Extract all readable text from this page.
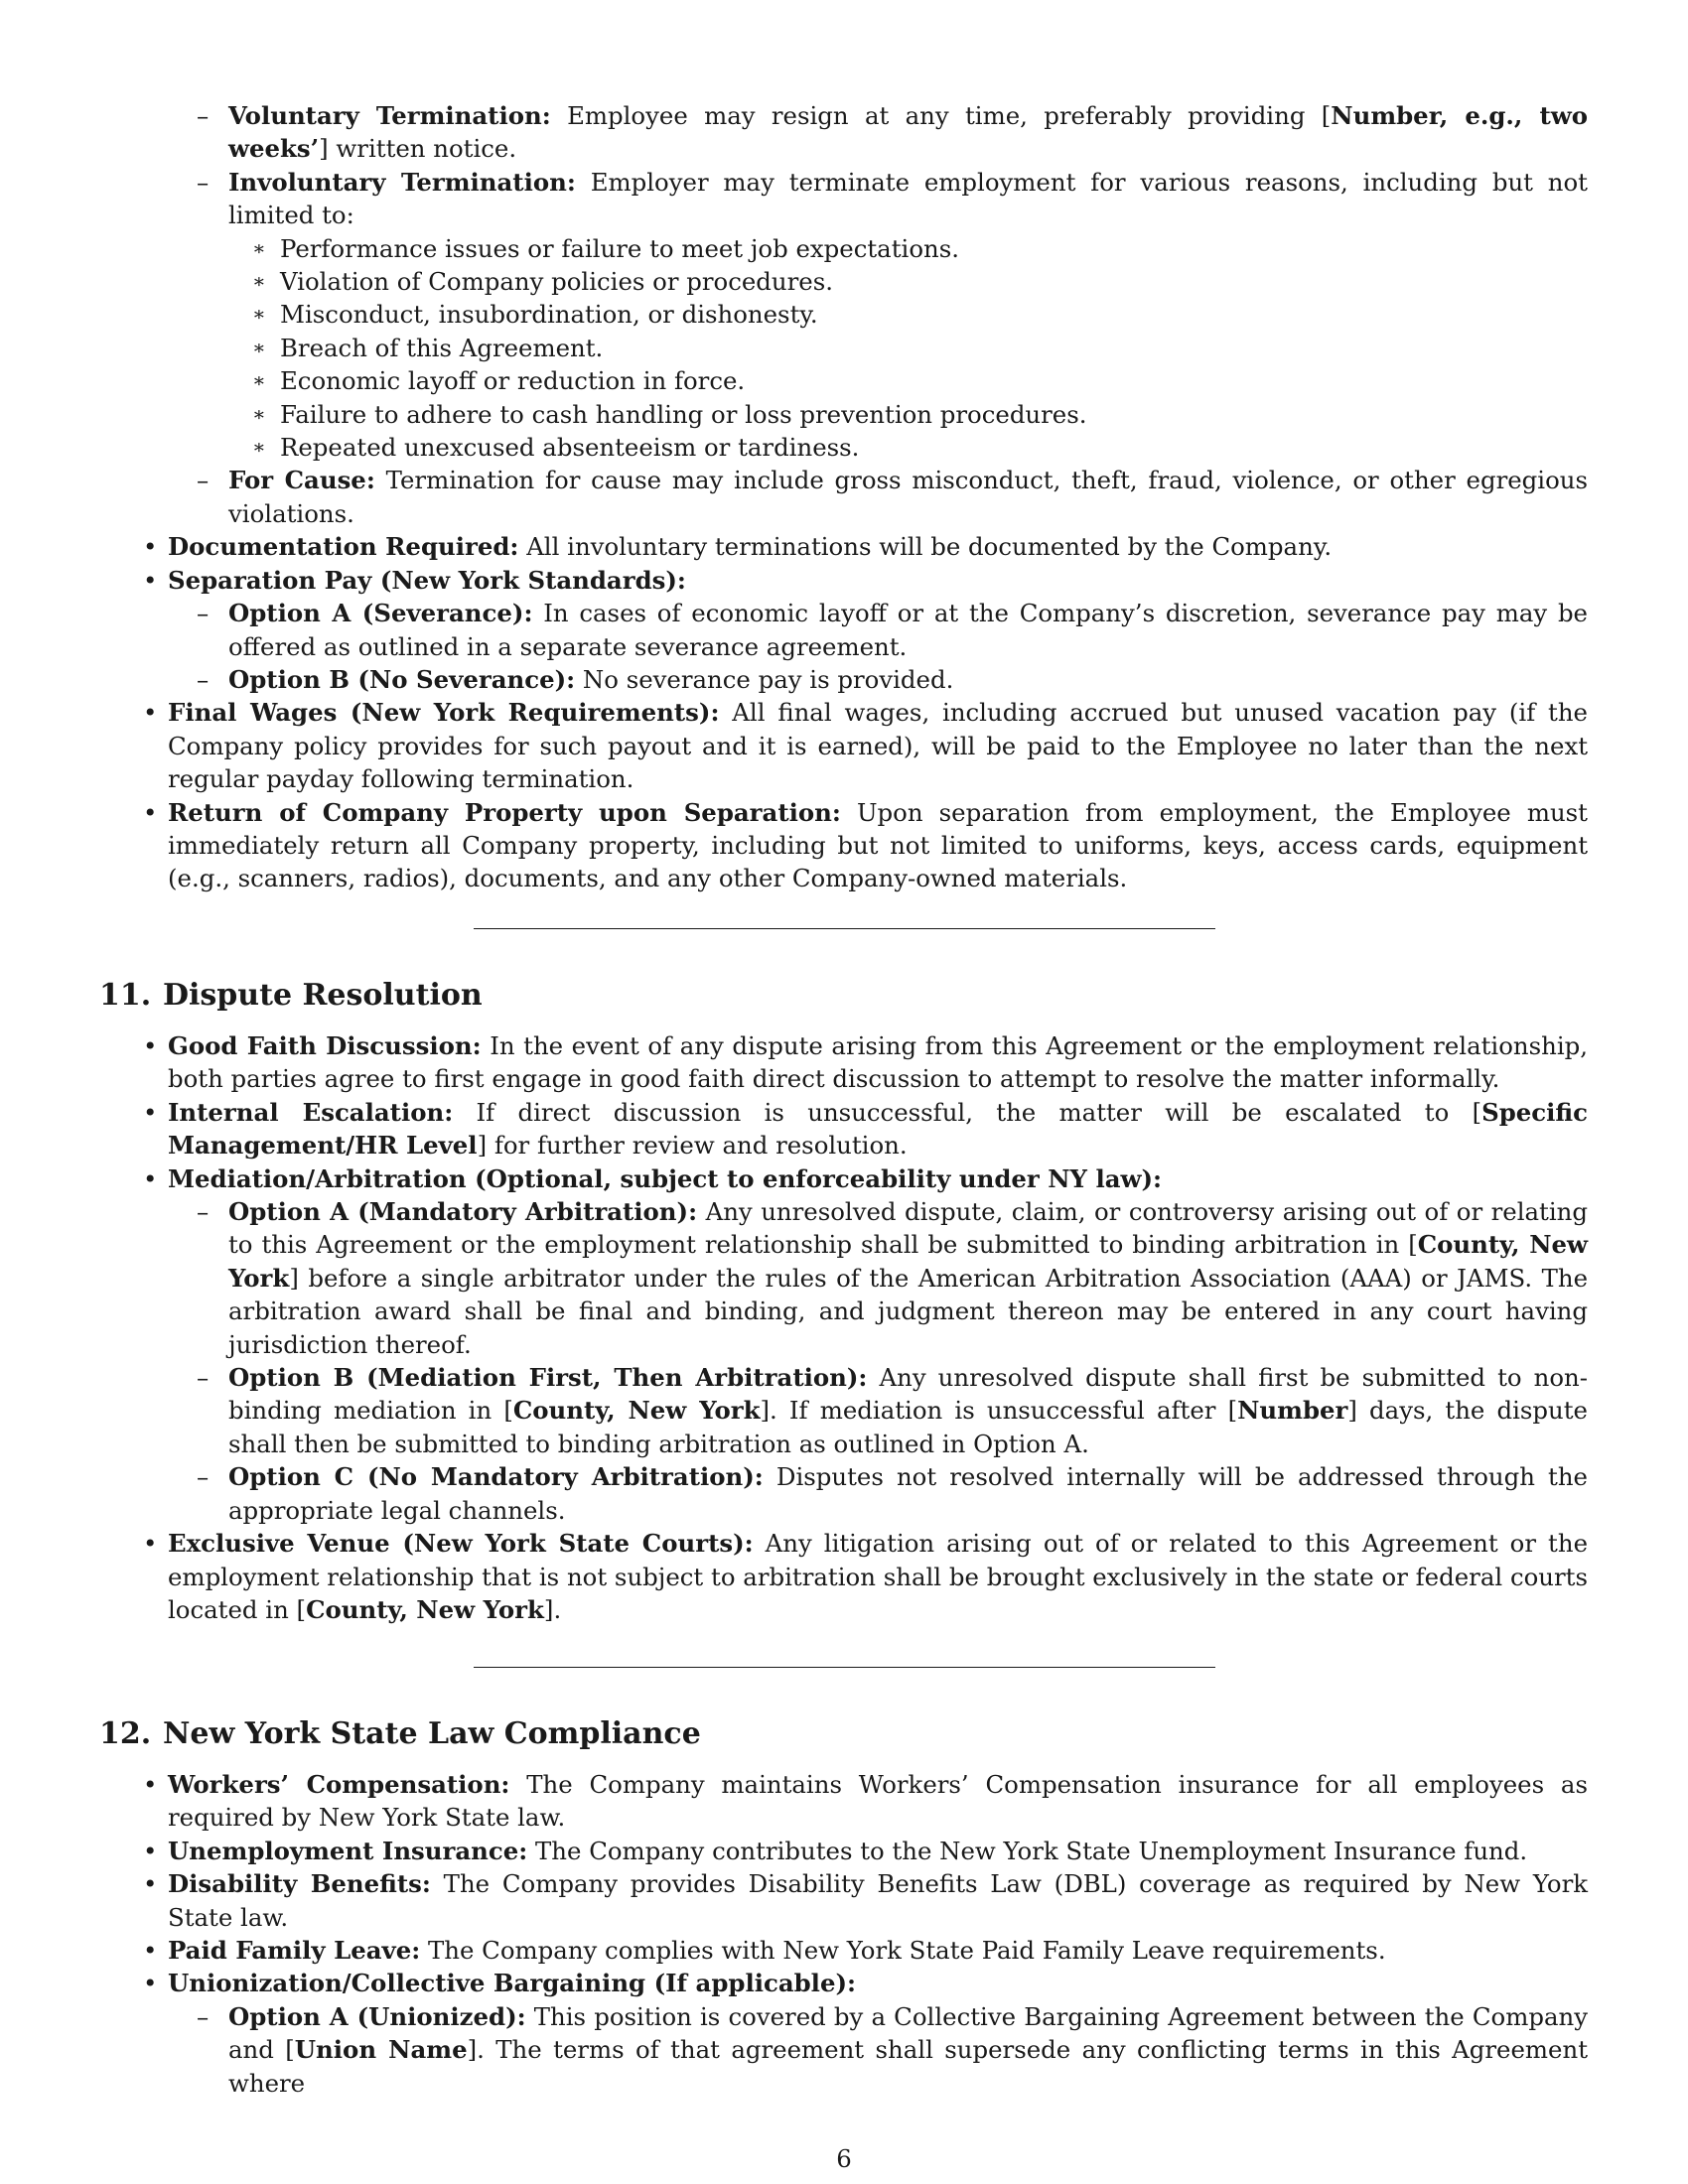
– Voluntary Termination: Employee may resign at any time, preferably providing [Number, e.g., two weeks’] written notice.
– Involuntary Termination: Employer may terminate employment for various reasons, including but not limited to:
∗ Performance issues or failure to meet job expectations.
∗ Violation of Company policies or procedures.
∗ Misconduct, insubordination, or dishonesty.
∗ Breach of this Agreement.
∗ Economic layoff or reduction in force.
∗ Failure to adhere to cash handling or loss prevention procedures.
∗ Repeated unexcused absenteeism or tardiness.
– For Cause: Termination for cause may include gross misconduct, theft, fraud, violence, or other egregious violations.
• Documentation Required: All involuntary terminations will be documented by the Company.
• Separation Pay (New York Standards):
– Option A (Severance): In cases of economic layoff or at the Company’s discretion, severance pay may be offered as outlined in a separate severance agreement.
– Option B (No Severance): No severance pay is provided.
• Final Wages (New York Requirements): All final wages, including accrued but unused vacation pay (if the Company policy provides for such payout and it is earned), will be paid to the Employee no later than the next regular payday following termination.
• Return of Company Property upon Separation: Upon separation from employment, the Employee must immediately return all Company property, including but not limited to uniforms, keys, access cards, equipment (e.g., scanners, radios), documents, and any other Company-owned materials.
11. Dispute Resolution
• Good Faith Discussion: In the event of any dispute arising from this Agreement or the employment relationship, both parties agree to first engage in good faith direct discussion to attempt to resolve the matter informally.
• Internal Escalation: If direct discussion is unsuccessful, the matter will be escalated to [Specific Management/HR Level] for further review and resolution.
• Mediation/Arbitration (Optional, subject to enforceability under NY law):
– Option A (Mandatory Arbitration): Any unresolved dispute, claim, or controversy arising out of or relating to this Agreement or the employment relationship shall be submitted to binding arbitration in [County, New York] before a single arbitrator under the rules of the American Arbitration Association (AAA) or JAMS. The arbitration award shall be final and binding, and judgment thereon may be entered in any court having jurisdiction thereof.
– Option B (Mediation First, Then Arbitration): Any unresolved dispute shall first be submitted to non-binding mediation in [County, New York]. If mediation is unsuccessful after [Number] days, the dispute shall then be submitted to binding arbitration as outlined in Option A.
– Option C (No Mandatory Arbitration): Disputes not resolved internally will be addressed through the appropriate legal channels.
• Exclusive Venue (New York State Courts): Any litigation arising out of or related to this Agreement or the employment relationship that is not subject to arbitration shall be brought exclusively in the state or federal courts located in [County, New York].
12. New York State Law Compliance
• Workers’ Compensation: The Company maintains Workers’ Compensation insurance for all employees as required by New York State law.
• Unemployment Insurance: The Company contributes to the New York State Unemployment Insurance fund.
• Disability Benefits: The Company provides Disability Benefits Law (DBL) coverage as required by New York State law.
• Paid Family Leave: The Company complies with New York State Paid Family Leave requirements.
• Unionization/Collective Bargaining (If applicable):
– Option A (Unionized): This position is covered by a Collective Bargaining Agreement between the Company and [Union Name]. The terms of that agreement shall supersede any conflicting terms in this Agreement where
6
